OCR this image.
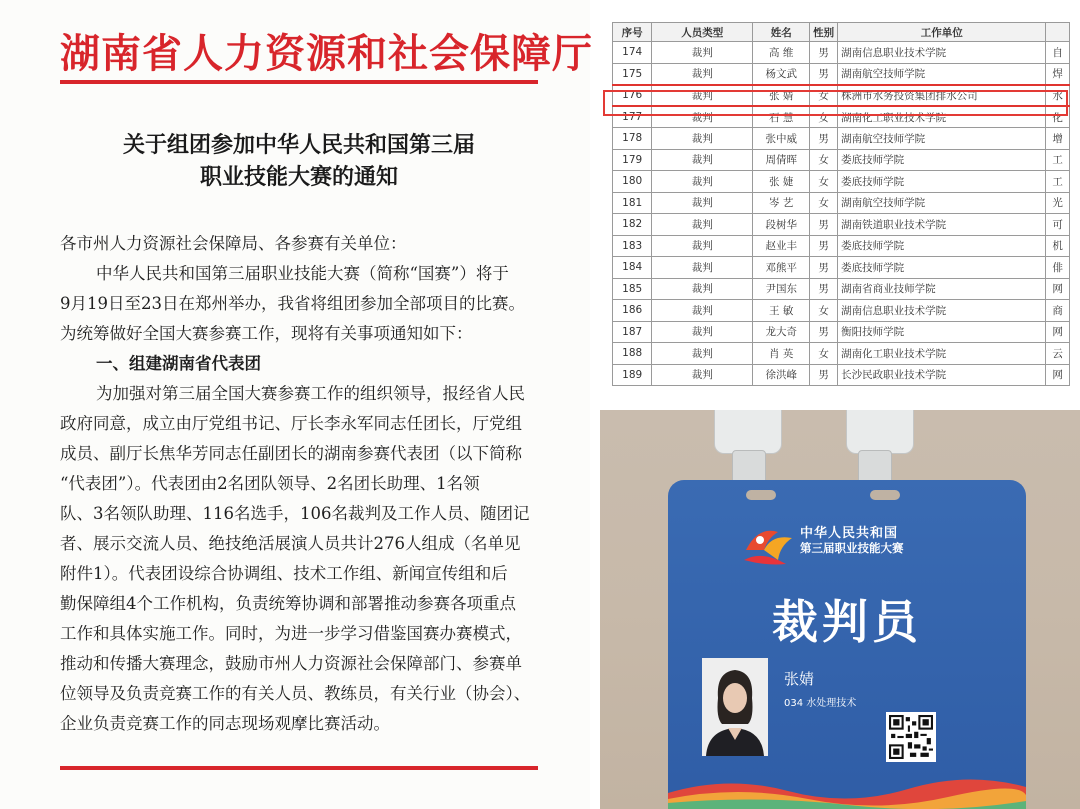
湖南省人力资源和社会保障厅
关于组团参加中华人民共和国第三届
职业技能大赛的通知
各市州人力资源社会保障局、各参赛有关单位：
中华人民共和国第三届职业技能大赛（简称“国赛”）将于
9月19日至23日在郑州举办，我省将组团参加全部项目的比赛。
为统筹做好全国大赛参赛工作，现将有关事项通知如下：
一、组建湖南省代表团
为加强对第三届全国大赛参赛工作的组织领导，报经省人民
政府同意，成立由厅党组书记、厅长李永军同志任团长，厅党组
成员、副厅长焦华芳同志任副团长的湖南参赛代表团（以下简称
“代表团”）。代表团由2名团队领导、2名团长助理、1名领
队、3名领队助理、116名选手，106名裁判及工作人员、随团记
者、展示交流人员、绝技绝活展演人员共计276人组成（名单见
附件1）。代表团设综合协调组、技术工作组、新闻宣传组和后
勤保障组4个工作机构，负责统筹协调和部署推动参赛各项重点
工作和具体实施工作。同时，为进一步学习借鉴国赛办赛模式，
推动和传播大赛理念，鼓励市州人力资源社会保障部门、参赛单
位领导及负责竞赛工作的有关人员、教练员，有关行业（协会）、
企业负责竞赛工作的同志现场观摩比赛活动。
序号	人员类型	姓名	性别	工作单位	
174	裁判	高 维	男	湖南信息职业技术学院	自
175	裁判	杨文武	男	湖南航空技师学院	焊
176	裁判	张 婧	女	株洲市水务投资集团排水公司	水
177	裁判	石 慧	女	湖南化工职业技术学院	化
178	裁判	张中威	男	湖南航空技师学院	增
179	裁判	周倩晖	女	娄底技师学院	工
180	裁判	张 婕	女	娄底技师学院	工
181	裁判	岑 艺	女	湖南航空技师学院	光
182	裁判	段树华	男	湖南铁道职业技术学院	可
183	裁判	赵业丰	男	娄底技师学院	机
184	裁判	邓熊平	男	娄底技师学院	俳
185	裁判	尹国东	男	湖南省商业技师学院	网
186	裁判	王 敏	女	湖南信息职业技术学院	商
187	裁判	龙大奇	男	衡阳技师学院	网
188	裁判	肖 英	女	湖南化工职业技术学院	云
189	裁判	徐洪峰	男	长沙民政职业技术学院	网
中华人民共和国
第三届职业技能大赛
裁判员
张婧
034 水处理技术
